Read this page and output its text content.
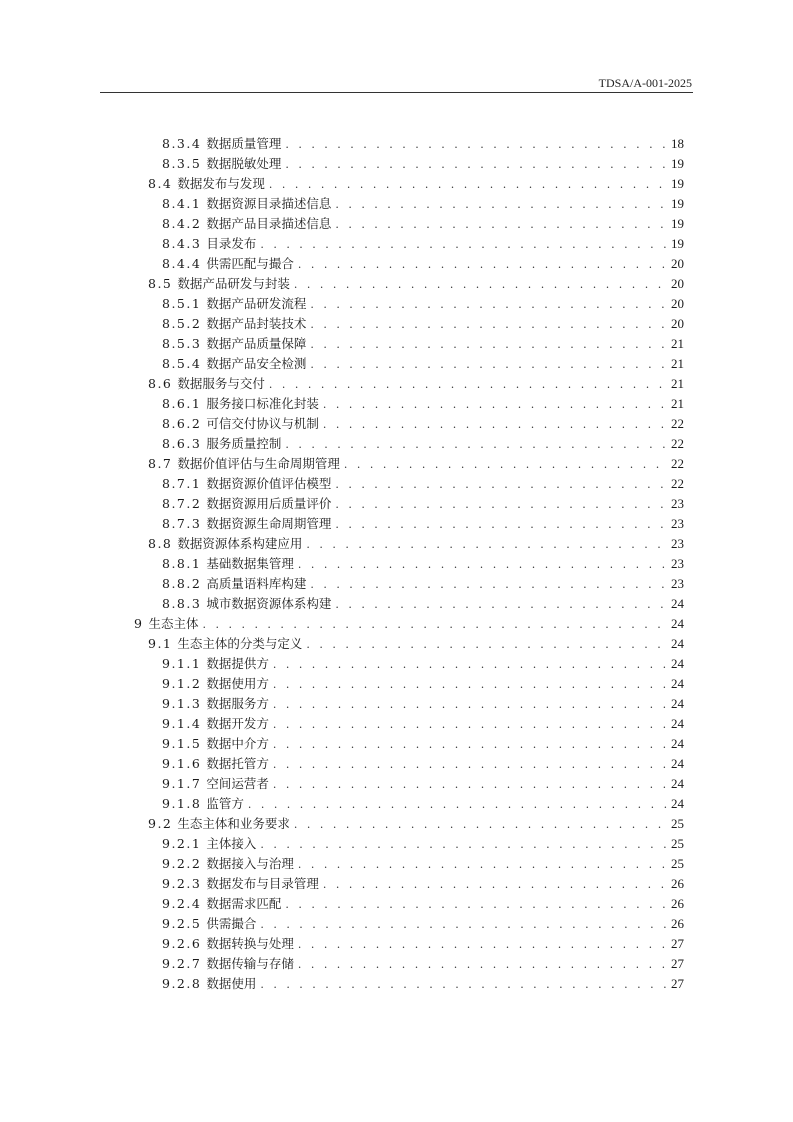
TDSA/A-001-2025
8.3.4 数据质量管理 . . .	18
8.3.5 数据脱敏处理 . . .	19
8.4 数据发布与发现 . . .	19
8.4.1 数据资源目录描述信息 . . .	19
8.4.2 数据产品目录描述信息 . . .	19
8.4.3 目录发布 . . .	19
8.4.4 供需匹配与撮合 . . .	20
8.5 数据产品研发与封装 . . .	20
8.5.1 数据产品研发流程 . . .	20
8.5.2 数据产品封装技术 . . .	20
8.5.3 数据产品质量保障 . . .	21
8.5.4 数据产品安全检测 . . .	21
8.6 数据服务与交付 . . .	21
8.6.1 服务接口标准化封装 . . .	21
8.6.2 可信交付协议与机制 . . .	22
8.6.3 服务质量控制 . . .	22
8.7 数据价值评估与生命周期管理 . . .	22
8.7.1 数据资源价值评估模型 . . .	22
8.7.2 数据资源用后质量评价 . . .	23
8.7.3 数据资源生命周期管理 . . .	23
8.8 数据资源体系构建应用 . . .	23
8.8.1 基础数据集管理 . . .	23
8.8.2 高质量语料库构建 . . .	23
8.8.3 城市数据资源体系构建 . . .	24
9 生态主体 . . .	24
9.1 生态主体的分类与定义 . . .	24
9.1.1 数据提供方 . . .	24
9.1.2 数据使用方 . . .	24
9.1.3 数据服务方 . . .	24
9.1.4 数据开发方 . . .	24
9.1.5 数据中介方 . . .	24
9.1.6 数据托管方 . . .	24
9.1.7 空间运营者 . . .	24
9.1.8 监管方 . . .	24
9.2 生态主体和业务要求 . . .	25
9.2.1 主体接入 . . .	25
9.2.2 数据接入与治理 . . .	25
9.2.3 数据发布与目录管理 . . .	26
9.2.4 数据需求匹配 . . .	26
9.2.5 供需撮合 . . .	26
9.2.6 数据转换与处理 . . .	27
9.2.7 数据传输与存储 . . .	27
9.2.8 数据使用 . . .	27
